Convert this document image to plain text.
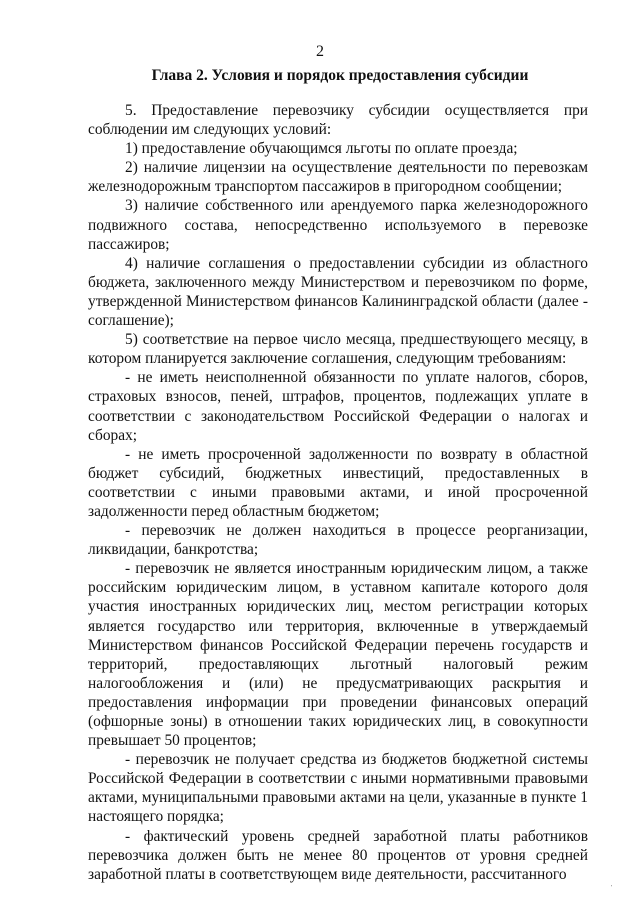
2
Глава 2. Условия и порядок предоставления субсидии

5. Предоставление перевозчику субсидии осуществляется при соблюдении им следующих условий:

1) предоставление обучающимся льготы по оплате проезда;

2) наличие лицензии на осуществление деятельности по перевозкам железнодорожным транспортом пассажиров в пригородном сообщении;

3) наличие собственного или арендуемого парка железнодорожного подвижного состава, непосредственно используемого в перевозке пассажиров;

4) наличие соглашения о предоставлении субсидии из областного бюджета, заключенного между Министерством и перевозчиком по форме, утвержденной Министерством финансов Калининградской области (далее - соглашение);

5) соответствие на первое число месяца, предшествующего месяцу, в котором планируется заключение соглашения, следующим требованиям:

- не иметь неисполненной обязанности по уплате налогов, сборов, страховых взносов, пеней, штрафов, процентов, подлежащих уплате в соответствии с законодательством Российской Федерации о налогах и сборах;

- не иметь просроченной задолженности по возврату в областной бюджет субсидий, бюджетных инвестиций, предоставленных в соответствии с иными правовыми актами, и иной просроченной задолженности перед областным бюджетом;

- перевозчик не должен находиться в процессе реорганизации, ликвидации, банкротства;

- перевозчик не является иностранным юридическим лицом, а также российским юридическим лицом, в уставном капитале которого доля участия иностранных юридических лиц, местом регистрации которых является государство или территория, включенные в утверждаемый Министерством финансов Российской Федерации перечень государств и территорий, предоставляющих льготный налоговый режим налогообложения и (или) не предусматривающих раскрытия и предоставления информации при проведении финансовых операций (офшорные зоны) в отношении таких юридических лиц, в совокупности превышает 50 процентов;

- перевозчик не получает средства из бюджетов бюджетной системы Российской Федерации в соответствии с иными нормативными правовыми актами, муниципальными правовыми актами на цели, указанные в пункте 1 настоящего порядка;

- фактический уровень средней заработной платы работников перевозчика должен быть не менее 80 процентов от уровня средней заработной платы в соответствующем виде деятельности, рассчитанного

'
